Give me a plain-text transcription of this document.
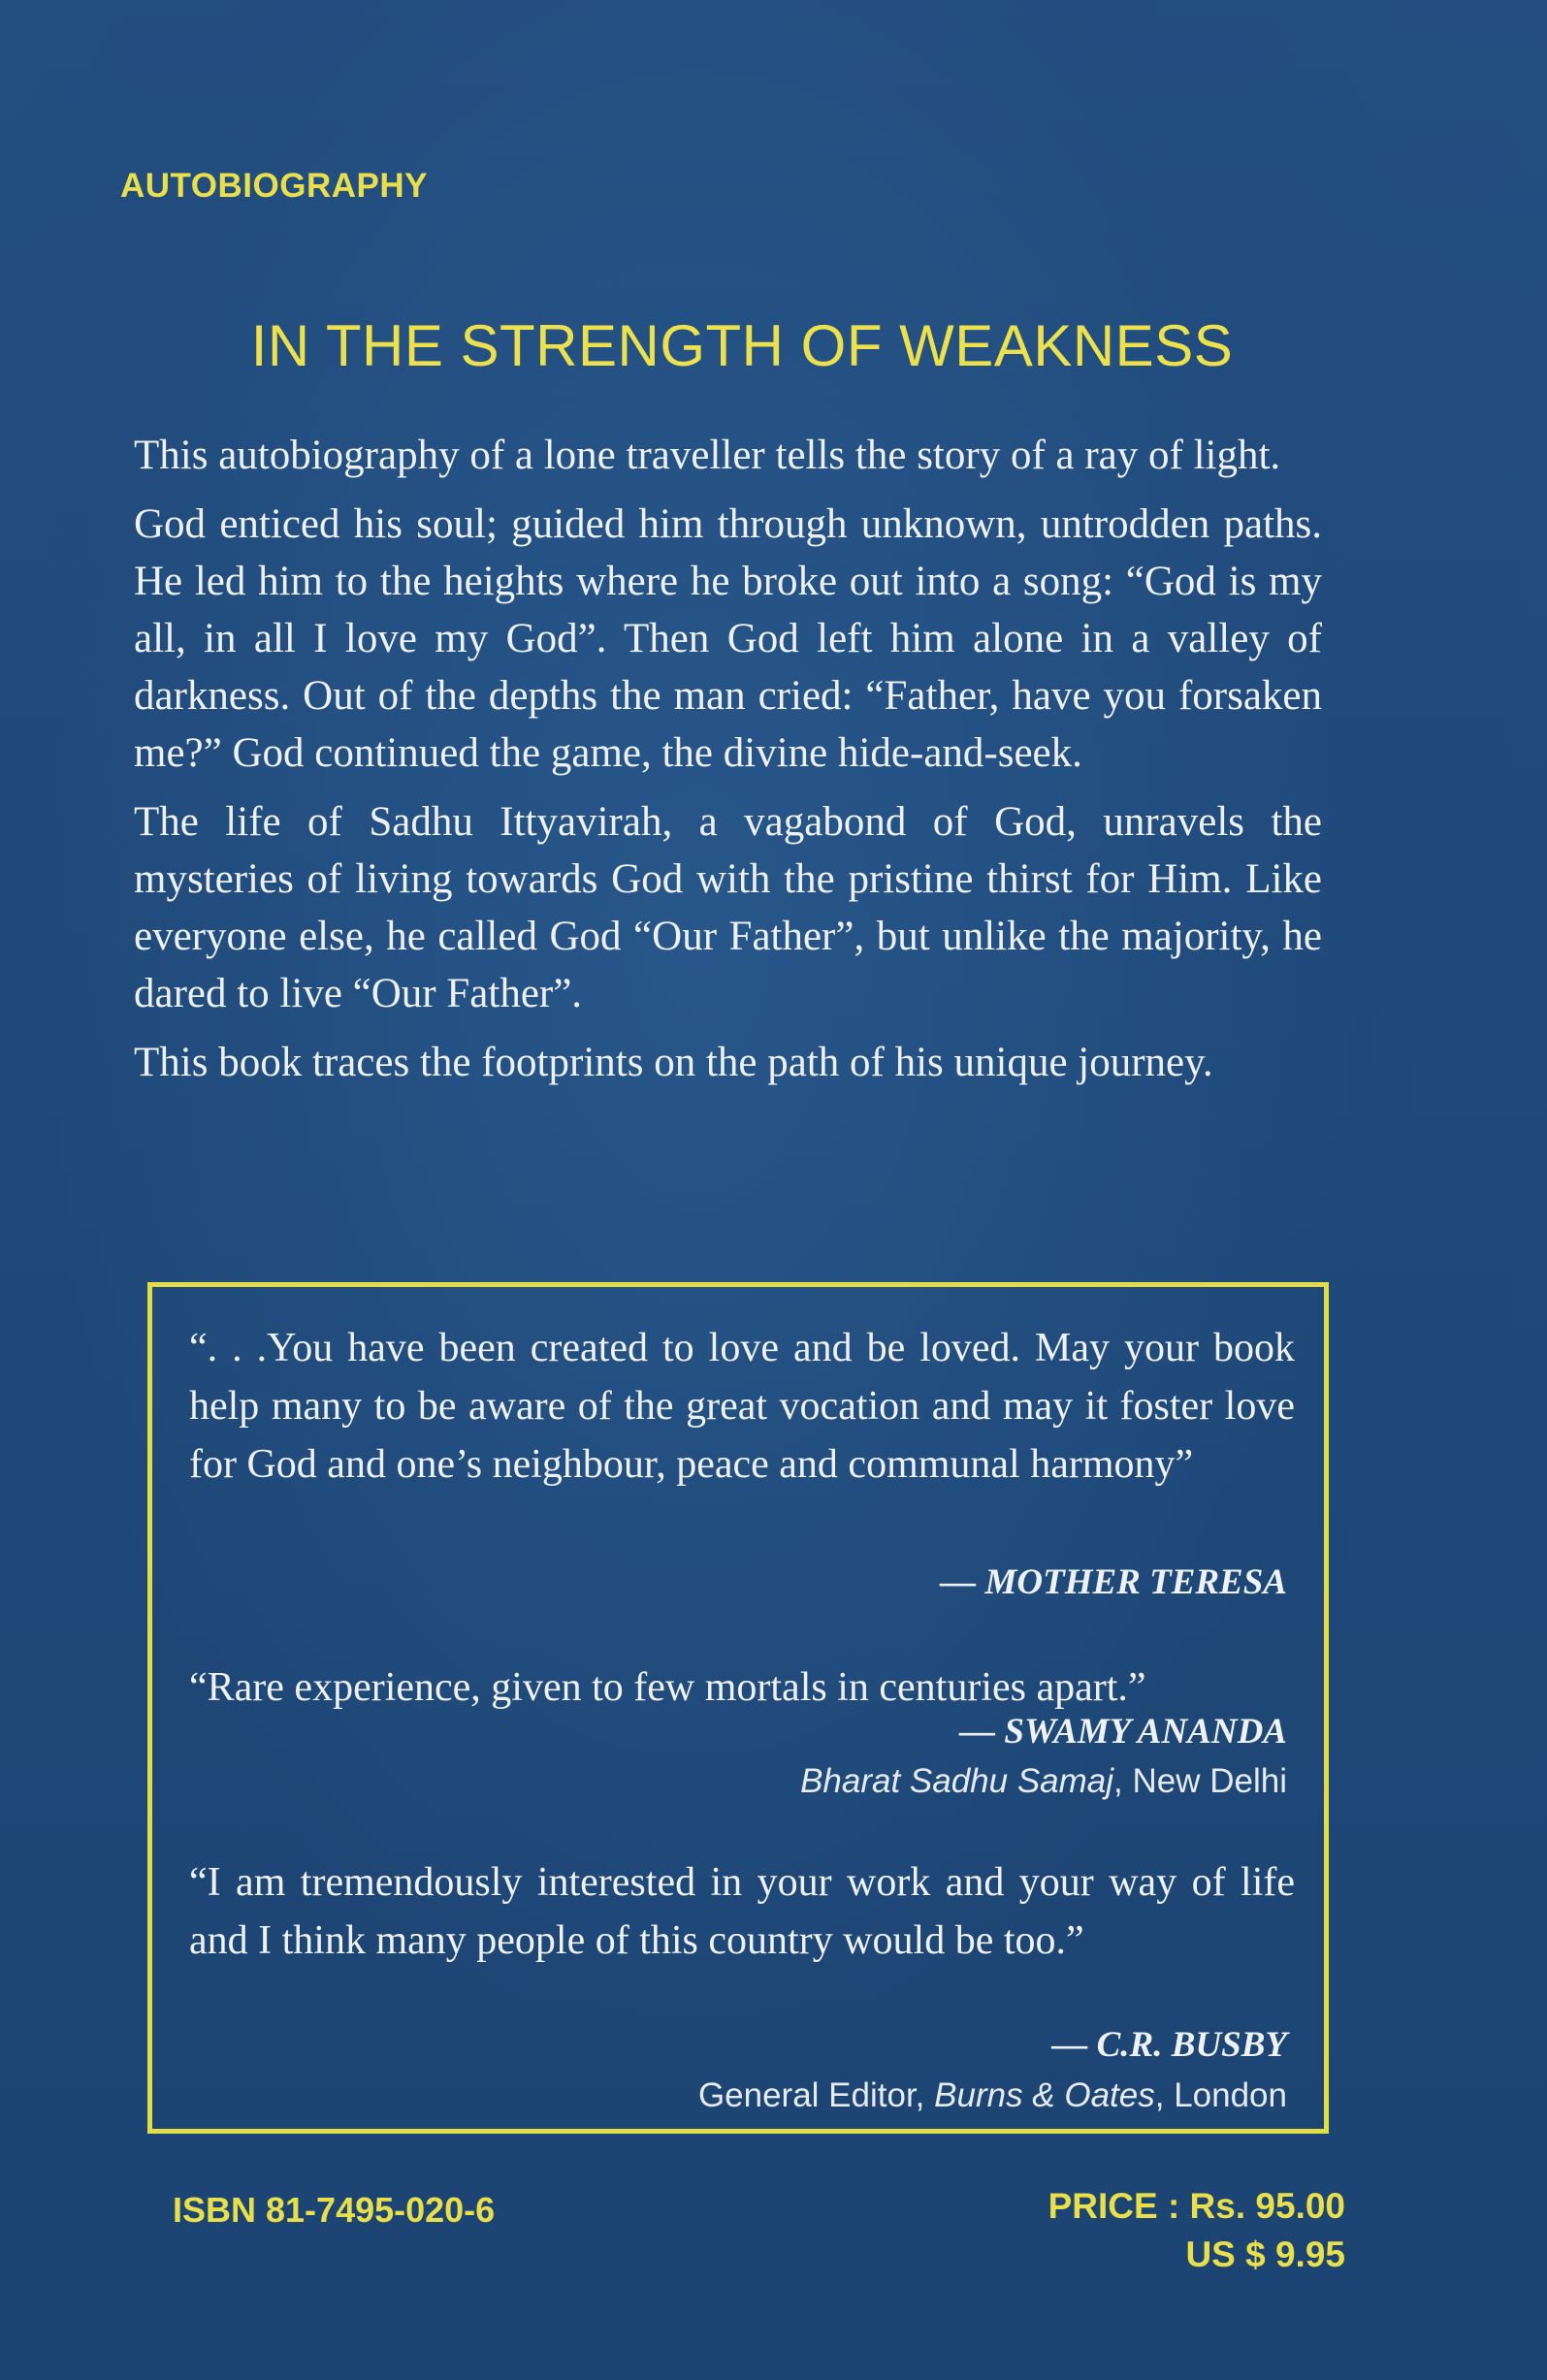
AUTOBIOGRAPHY
IN THE STRENGTH OF WEAKNESS

This autobiography of a lone traveller tells the story of a ray of light.

God enticed his soul; guided him through unknown, untrodden paths. He led him to the heights where he broke out into a song: “God is my all, in all I love my God”. Then God left him alone in a valley of darkness. Out of the depths the man cried: “Father, have you forsaken me?” God continued the game, the divine hide-and-seek.

The life of Sadhu Ittyavirah, a vagabond of God, unravels the mysteries of living towards God with the pristine thirst for Him. Like everyone else, he called God “Our Father”, but unlike the majority, he dared to live “Our Father”.

This book traces the footprints on the path of his unique journey.

“. . .You have been created to love and be loved. May your book help many to be aware of the great vocation and may it foster love for God and one’s neighbour, peace and communal harmony”
— MOTHER TERESA
“Rare experience, given to few mortals in centuries apart.”
— SWAMY ANANDA
Bharat Sadhu Samaj, New Delhi
“I am tremendously interested in your work and your way of life and I think many people of this country would be too.”
— C.R. BUSBY
General Editor, Burns & Oates, London
ISBN 81-7495-020-6	PRICE : Rs. 95.00
US $ 9.95
